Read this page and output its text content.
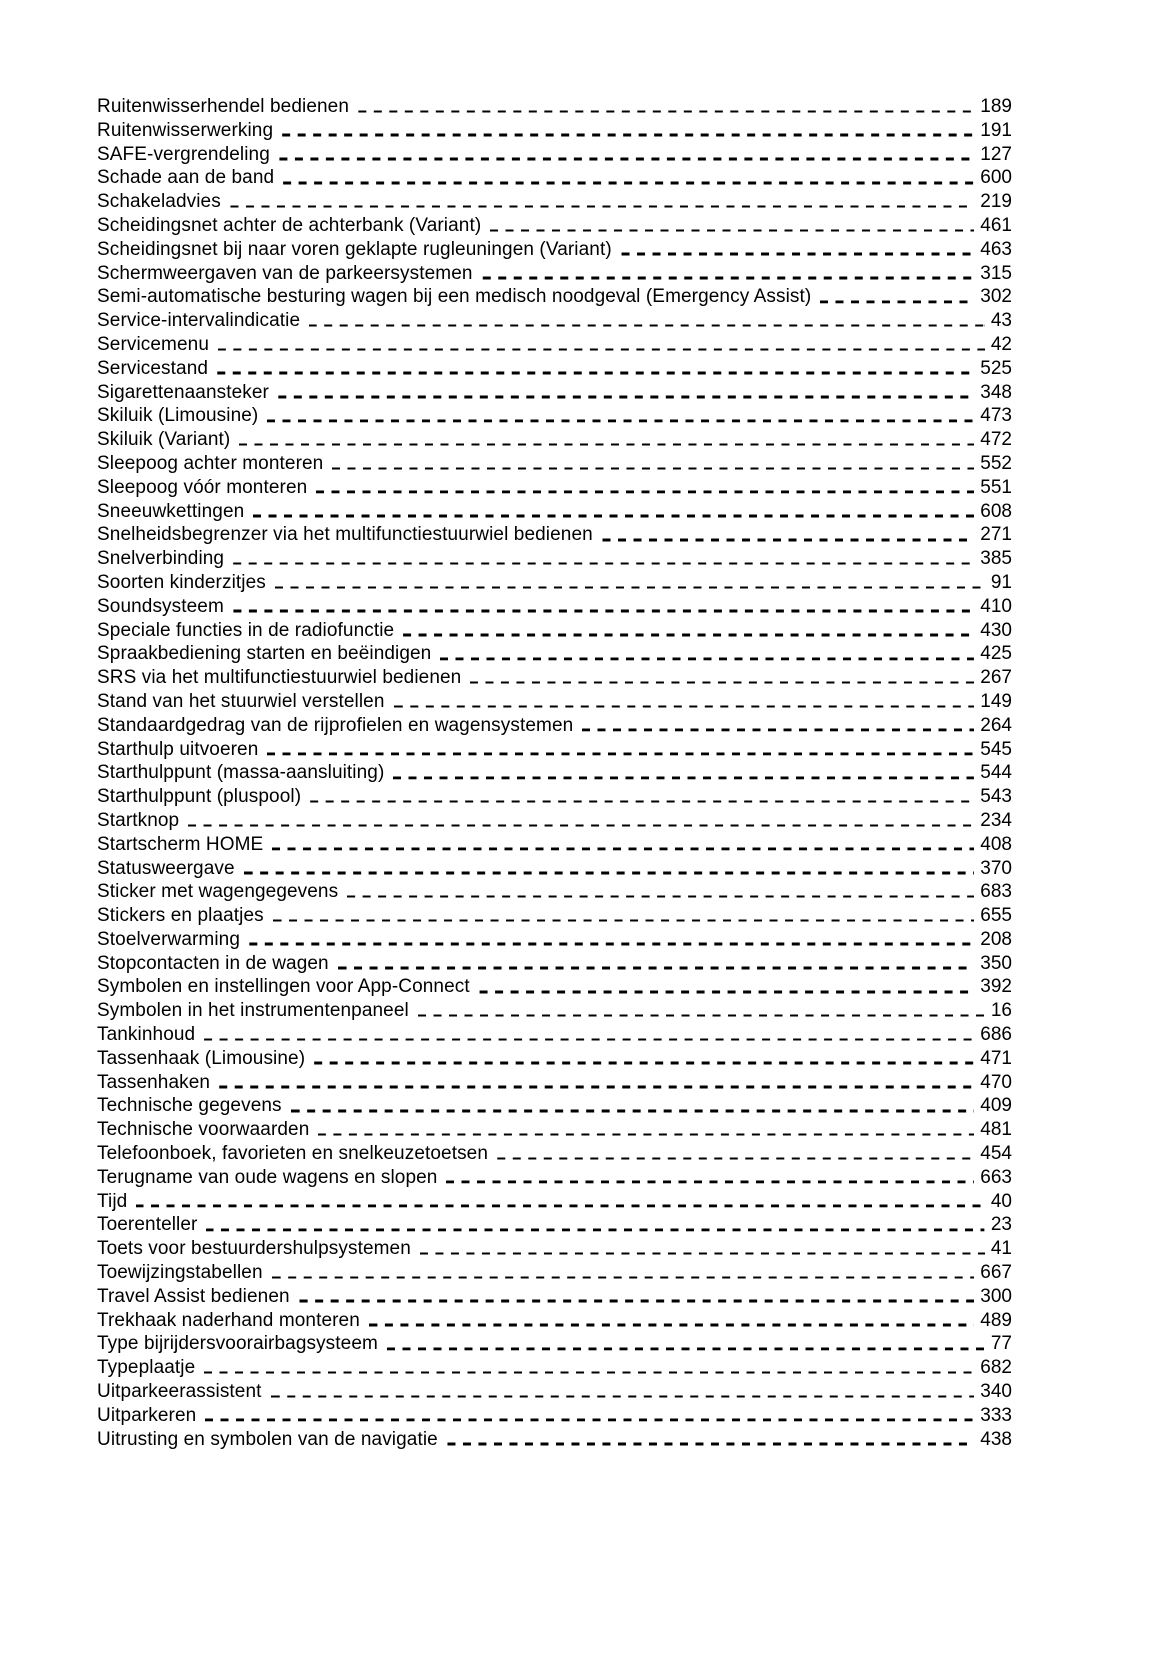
Ruitenwisserhendel bedienen	189
Ruitenwisserwerking	191
SAFE-vergrendeling	127
Schade aan de band	600
Schakeladvies	219
Scheidingsnet achter de achterbank (Variant)	461
Scheidingsnet bij naar voren geklapte rugleuningen (Variant)	463
Schermweergaven van de parkeersystemen	315
Semi-automatische besturing wagen bij een medisch noodgeval (Emergency Assist)	302
Service-intervalindicatie	43
Servicemenu	42
Servicestand	525
Sigarettenaansteker	348
Skiluik (Limousine)	473
Skiluik (Variant)	472
Sleepoog achter monteren	552
Sleepoog vóór monteren	551
Sneeuwkettingen	608
Snelheidsbegrenzer via het multifunctiestuurwiel bedienen	271
Snelverbinding	385
Soorten kinderzitjes	91
Soundsysteem	410
Speciale functies in de radiofunctie	430
Spraakbediening starten en beëindigen	425
SRS via het multifunctiestuurwiel bedienen	267
Stand van het stuurwiel verstellen	149
Standaardgedrag van de rijprofielen en wagensystemen	264
Starthulp uitvoeren	545
Starthulppunt (massa-aansluiting)	544
Starthulppunt (pluspool)	543
Startknop	234
Startscherm HOME	408
Statusweergave	370
Sticker met wagengegevens	683
Stickers en plaatjes	655
Stoelverwarming	208
Stopcontacten in de wagen	350
Symbolen en instellingen voor App-Connect	392
Symbolen in het instrumentenpaneel	16
Tankinhoud	686
Tassenhaak (Limousine)	471
Tassenhaken	470
Technische gegevens	409
Technische voorwaarden	481
Telefoonboek, favorieten en snelkeuzetoetsen	454
Terugname van oude wagens en slopen	663
Tijd	40
Toerenteller	23
Toets voor bestuurdershulpsystemen	41
Toewijzingstabellen	667
Travel Assist bedienen	300
Trekhaak naderhand monteren	489
Type bijrijdersvoorairbagsysteem	77
Typeplaatje	682
Uitparkeerassistent	340
Uitparkeren	333
Uitrusting en symbolen van de navigatie	438
